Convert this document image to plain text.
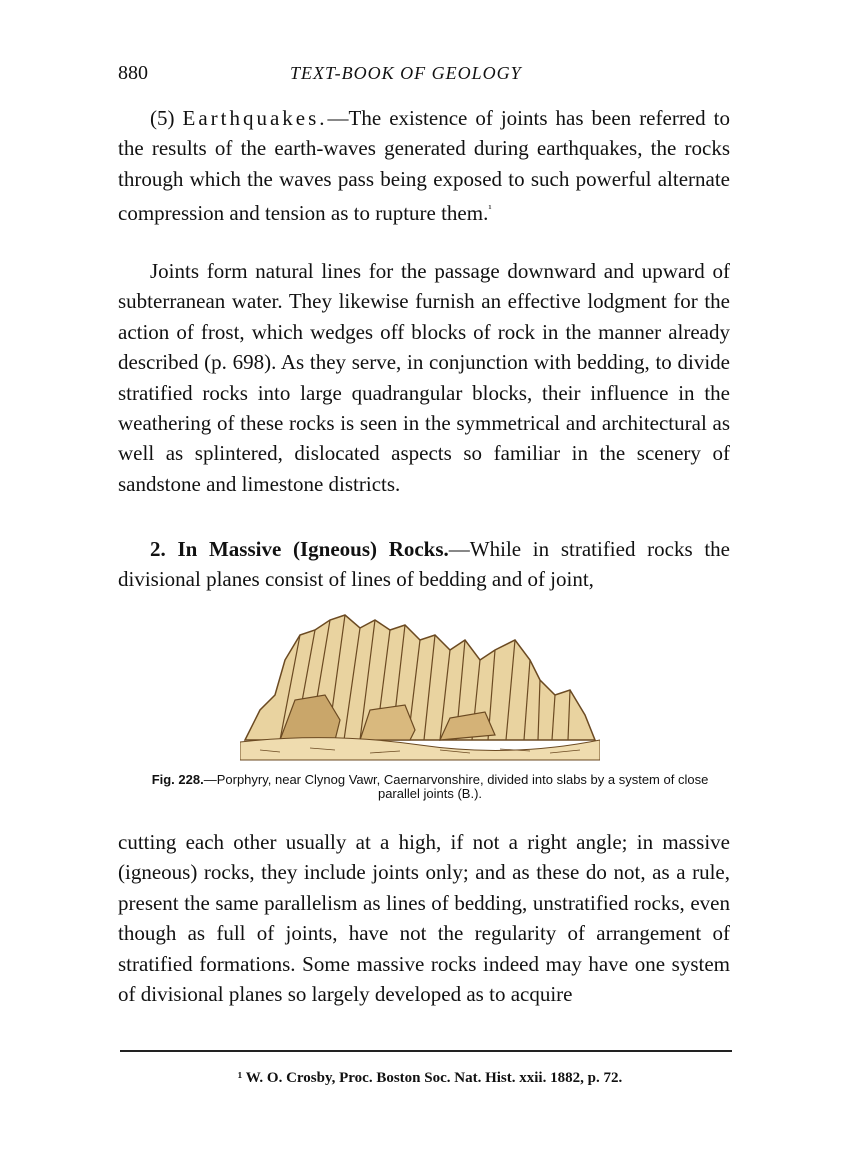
880	TEXT-BOOK OF GEOLOGY

(5) Earthquakes.—The existence of joints has been referred to the results of the earth-waves generated during earthquakes, the rocks through which the waves pass being exposed to such powerful alternate compression and tension as to rupture them.$^{^1}$

Joints form natural lines for the passage downward and upward of subterranean water. They likewise furnish an effective lodgment for the action of frost, which wedges off blocks of rock in the manner already described (p. 698). As they serve, in conjunction with bedding, to divide stratified rocks into large quadrangular blocks, their influence in the weathering of these rocks is seen in the symmetrical and architectural as well as splintered, dislocated aspects so familiar in the scenery of sandstone and limestone districts.

2. In Massive (Igneous) Rocks.—While in stratified rocks the divisional planes consist of lines of bedding and of joint,

Fig. 228.—Porphyry, near Clynog Vawr, Caernarvonshire, divided into slabs by a system of close parallel joints (B.).

cutting each other usually at a high, if not a right angle; in massive (igneous) rocks, they include joints only; and as these do not, as a rule, present the same parallelism as lines of bedding, unstratified rocks, even though as full of joints, have not the regularity of arrangement of stratified formations. Some massive rocks indeed may have one system of divisional planes so largely developed as to acquire

¹ W. O. Crosby, Proc. Boston Soc. Nat. Hist. xxii. 1882, p. 72.
